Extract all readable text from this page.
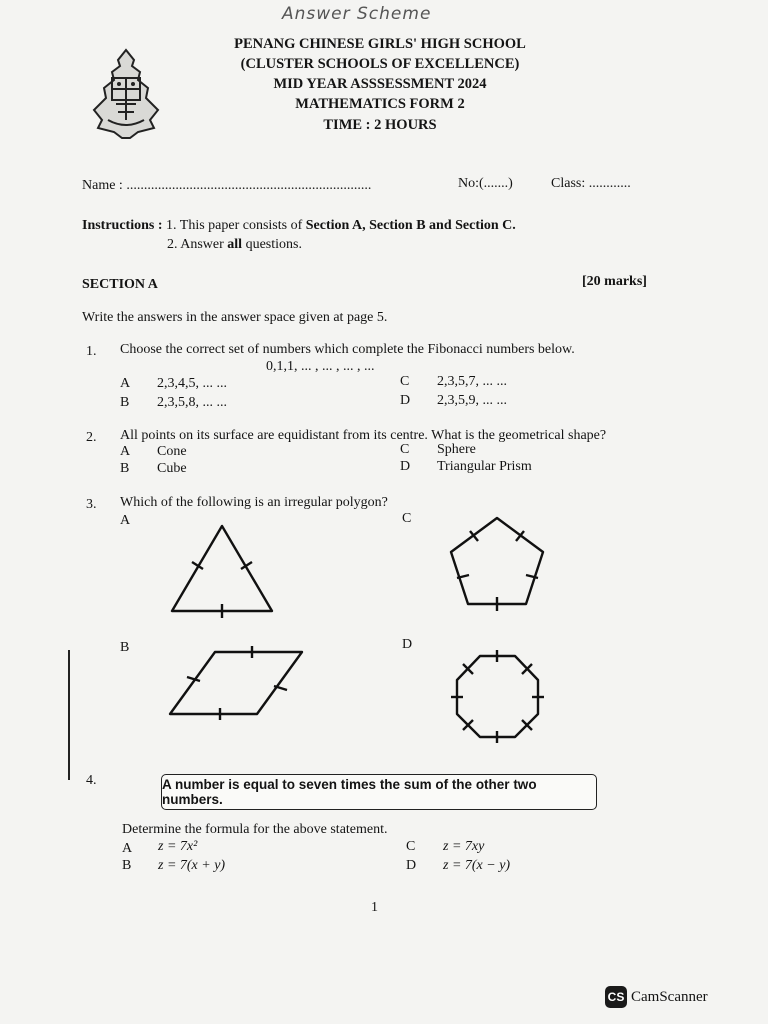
Answer Scheme
PENANG CHINESE GIRLS' HIGH SCHOOL
(CLUSTER SCHOOLS OF EXCELLENCE)
MID YEAR ASSSESSMENT 2024
MATHEMATICS FORM 2
TIME : 2 HOURS
Name : ......................................................................	No:(.......)	Class: ............
Instructions : 1. This paper consists of Section A, Section B and Section C.
2. Answer all questions.
SECTION A	[20 marks]
Write the answers in the answer space given at page 5.
1. Choose the correct set of numbers which complete the Fibonacci numbers below.
0,1,1, ... , ... , ... , ...
A 2,3,4,5, ... ...
B 2,3,5,8, ... ...
C 2,3,5,7, ... ...
D 2,3,5,9, ... ...
2. All points on its surface are equidistant from its centre. What is the geometrical shape?
A Cone
B Cube
C Sphere
D Triangular Prism
3. Which of the following is an irregular polygon?
A	C
B	D
4.	A number is equal to seven times the sum of the other two numbers.
Determine the formula for the above statement.
A z = 7x²
B z = 7(x + y)
C z = 7xy
D z = 7(x − y)
1
CS CamScanner
